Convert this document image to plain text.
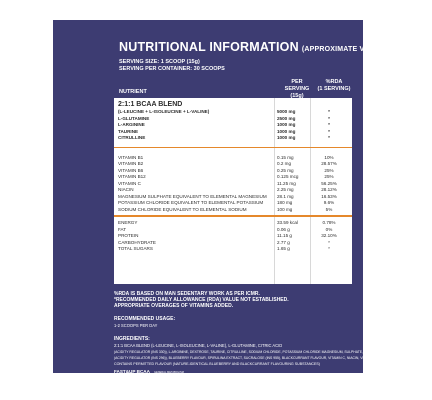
NUTRITIONAL INFORMATION (APPROXIMATE VALUES)
SERVING SIZE: 1 SCOOP (15g)
SERVING PER CONTAINER: 30 SCOOPS
NUTRIENT
PER
SERVING (15g)
%RDA
(1 SERVING)
2:1:1 BCAA BLEND
(L-LEUCINE + L-ISOLEUCINE + L-VALINE)	5000 mg	*
L-GLUTAMINE	2500 mg	*
L-ARGININE	1000 mg	*
TAURINE	1000 mg	*
CITRULLINE	1000 mg	*
VITAMIN B1	0.15 mg	10%
VITAMIN B2	0.2 mg	28.57%
VITAMIN B6	0.25 mg	25%
VITAMIN B12	0.125 mcg	25%
VITAMIN C	11.25 mg	56.25%
NIACIN	2.25 mg	28.12%
MAGNESIUM SULPHATE EQUIVALENT TO ELEMENTAL MAGNESIUM 28.1 mg	16.53%
POTASSIUM CHLORIDE EQUIVALENT TO ELEMENTAL POTASSIUM	180 mg	9.6%
SODIUM CHLORIDE EQUIVALENT TO ELEMENTAL SODIUM	100 mg	5%
ENERGY	33.59 kcal	0.78%
FAT	0.06 g	0%
PROTEIN	11.15 g	32.10%
CARBOHYDRATE	2.77 g	*
TOTAL SUGARS	1.65 g	*
%RDA IS BASED ON MAN SEDENTARY WORK AS PER ICMR.
*RECOMMENDED DAILY ALLOWANCE (RDA) VALUE NOT ESTABLISHED.
APPROPRIATE OVERAGES OF VITAMINS ADDED.
RECOMMENDED USAGE:
1-2 SCOOPS PER DAY
INGREDIENTS:
2:1:1 BCAA BLEND (L-LEUCINE, L-ISOLEUCINE, L-VALINE), L-GLUTAMINE, CITRIC ACID
(ACIDITY REGULATOR (INS 330)), L-ARGININE, DEXTROSE, TAURINE, CITRULLINE, SODIUM CHLORIDE, POTASSIUM CHLORIDE MAGNESIUM, SULPHATE, DL-MALIC ACID
(ACIDITY REGULATOR (INS 296)), BLUEBERRY FLAVOUR, SPIRULINA EXTRACT, SUCRALOSE (INS 955), BLACKCURRANT FLAVOUR, VITAMIN C, NIACIN, VITAMIN B6, VITAMIN B2, VITAMIN B1, VITAM
CONTAINS PERMITTED FLAVOUR (NATURE-IDENTICAL BLUEBERRY AND BLACKCURRANT FLAVOURING SUBSTANCES)
FAST&UP BCAA GENERAL METABOLISM
CONTAINS ADDED FLAVOURS AND PERMITTED SWEETENERS
®REGISTERED TRADEMARK.
